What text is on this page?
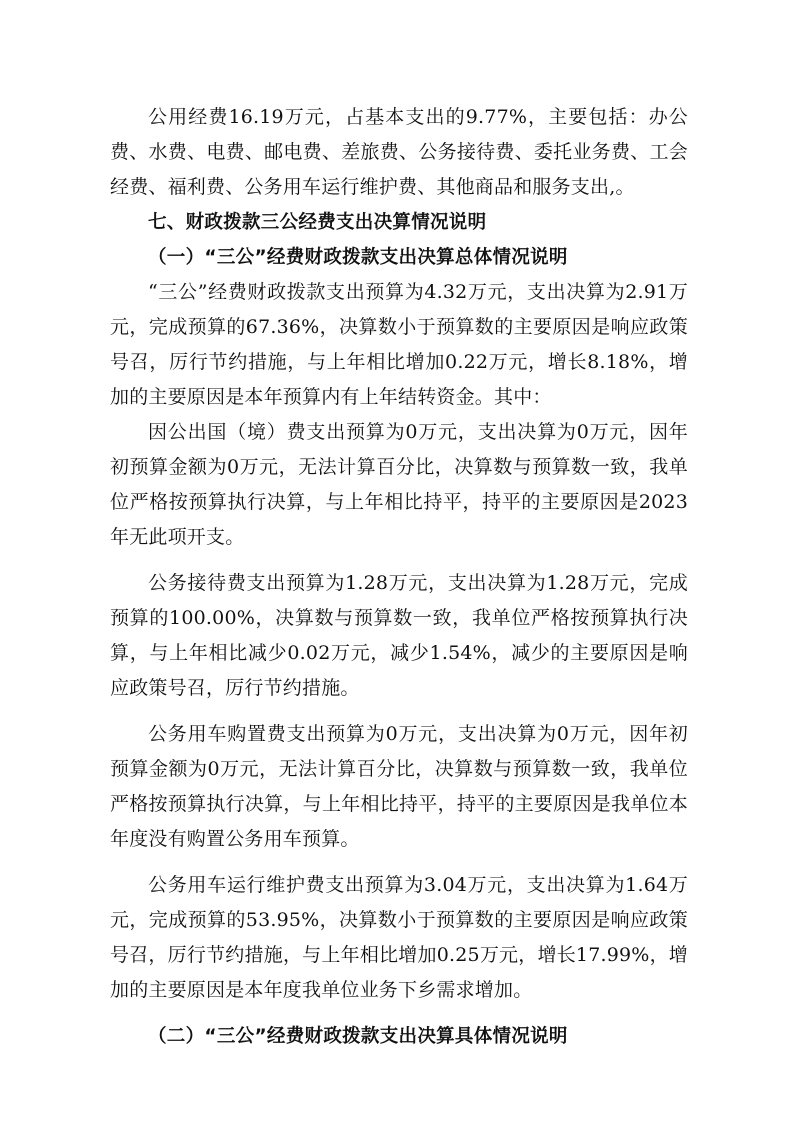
公用经费16.19万元，占基本支出的9.77%，主要包括：办公费、水费、电费、邮电费、差旅费、公务接待费、委托业务费、工会经费、福利费、公务用车运行维护费、其他商品和服务支出,。

七、财政拨款三公经费支出决算情况说明
（一）“三公”经费财政拨款支出决算总体情况说明

“三公”经费财政拨款支出预算为4.32万元，支出决算为2.91万元，完成预算的67.36%，决算数小于预算数的主要原因是响应政策号召，厉行节约措施，与上年相比增加0.22万元，增长8.18%，增加的主要原因是本年预算内有上年结转资金。其中：

因公出国（境）费支出预算为0万元，支出决算为0万元，因年初预算金额为0万元，无法计算百分比，决算数与预算数一致，我单位严格按预算执行决算，与上年相比持平，持平的主要原因是2023年无此项开支。

公务接待费支出预算为1.28万元，支出决算为1.28万元，完成预算的100.00%，决算数与预算数一致，我单位严格按预算执行决算，与上年相比减少0.02万元，减少1.54%，减少的主要原因是响应政策号召，厉行节约措施。

公务用车购置费支出预算为0万元，支出决算为0万元，因年初预算金额为0万元，无法计算百分比，决算数与预算数一致，我单位严格按预算执行决算，与上年相比持平，持平的主要原因是我单位本年度没有购置公务用车预算。

公务用车运行维护费支出预算为3.04万元，支出决算为1.64万元，完成预算的53.95%，决算数小于预算数的主要原因是响应政策号召，厉行节约措施，与上年相比增加0.25万元，增长17.99%，增加的主要原因是本年度我单位业务下乡需求增加。

（二）“三公”经费财政拨款支出决算具体情况说明
